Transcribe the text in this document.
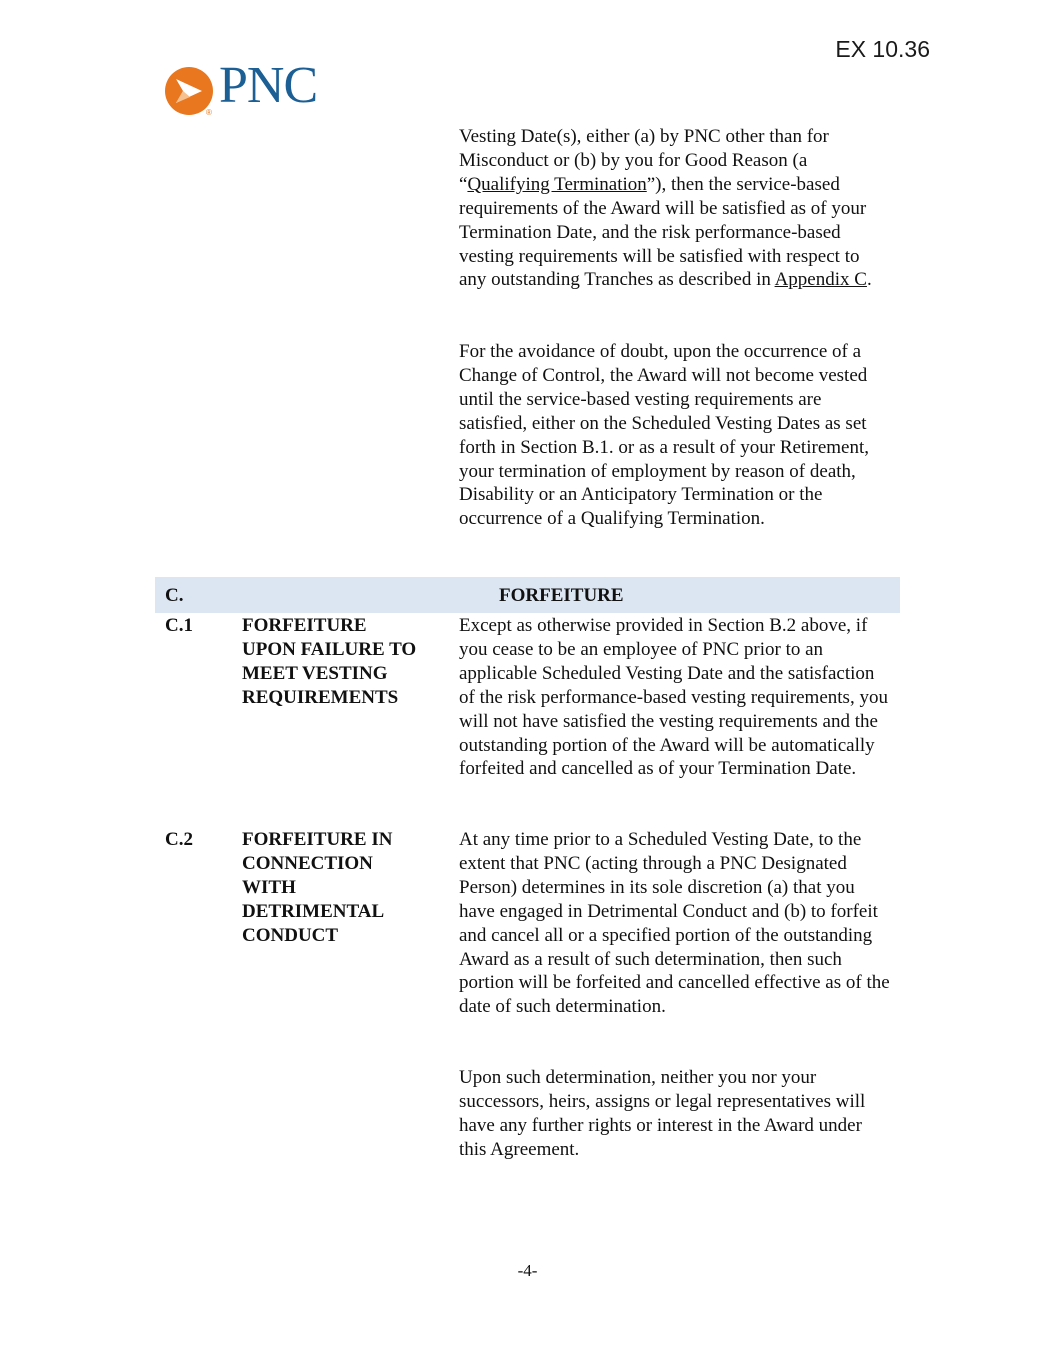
EX 10.36
® PNC

Vesting Date(s), either (a) by PNC other than for Misconduct or (b) by you for Good Reason (a “Qualifying Termination”), then the service-based requirements of the Award will be satisfied as of your Termination Date, and the risk performance-based vesting requirements will be satisfied with respect to any outstanding Tranches as described in Appendix C.

For the avoidance of doubt, upon the occurrence of a Change of Control, the Award will not become vested until the service-based vesting requirements are satisfied, either on the Scheduled Vesting Dates as set forth in Section B.1. or as a result of your Retirement, your termination of employment by reason of death, Disability or an Anticipatory Termination or the occurrence of a Qualifying Termination.

C.	FORFEITURE
C.1	FORFEITURE
UPON FAILURE TO
MEET VESTING
REQUIREMENTS

Except as otherwise provided in Section B.2 above, if you cease to be an employee of PNC prior to an applicable Scheduled Vesting Date and the satisfaction of the risk performance-based vesting requirements, you will not have satisfied the vesting requirements and the outstanding portion of the Award will be automatically forfeited and cancelled as of your Termination Date.

C.2	FORFEITURE IN
CONNECTION
WITH
DETRIMENTAL
CONDUCT

At any time prior to a Scheduled Vesting Date, to the extent that PNC (acting through a PNC Designated Person) determines in its sole discretion (a) that you have engaged in Detrimental Conduct and (b) to forfeit and cancel all or a specified portion of the outstanding Award as a result of such determination, then such portion will be forfeited and cancelled effective as of the date of such determination.

Upon such determination, neither you nor your successors, heirs, assigns or legal representatives will have any further rights or interest in the Award under this Agreement.

-4-
